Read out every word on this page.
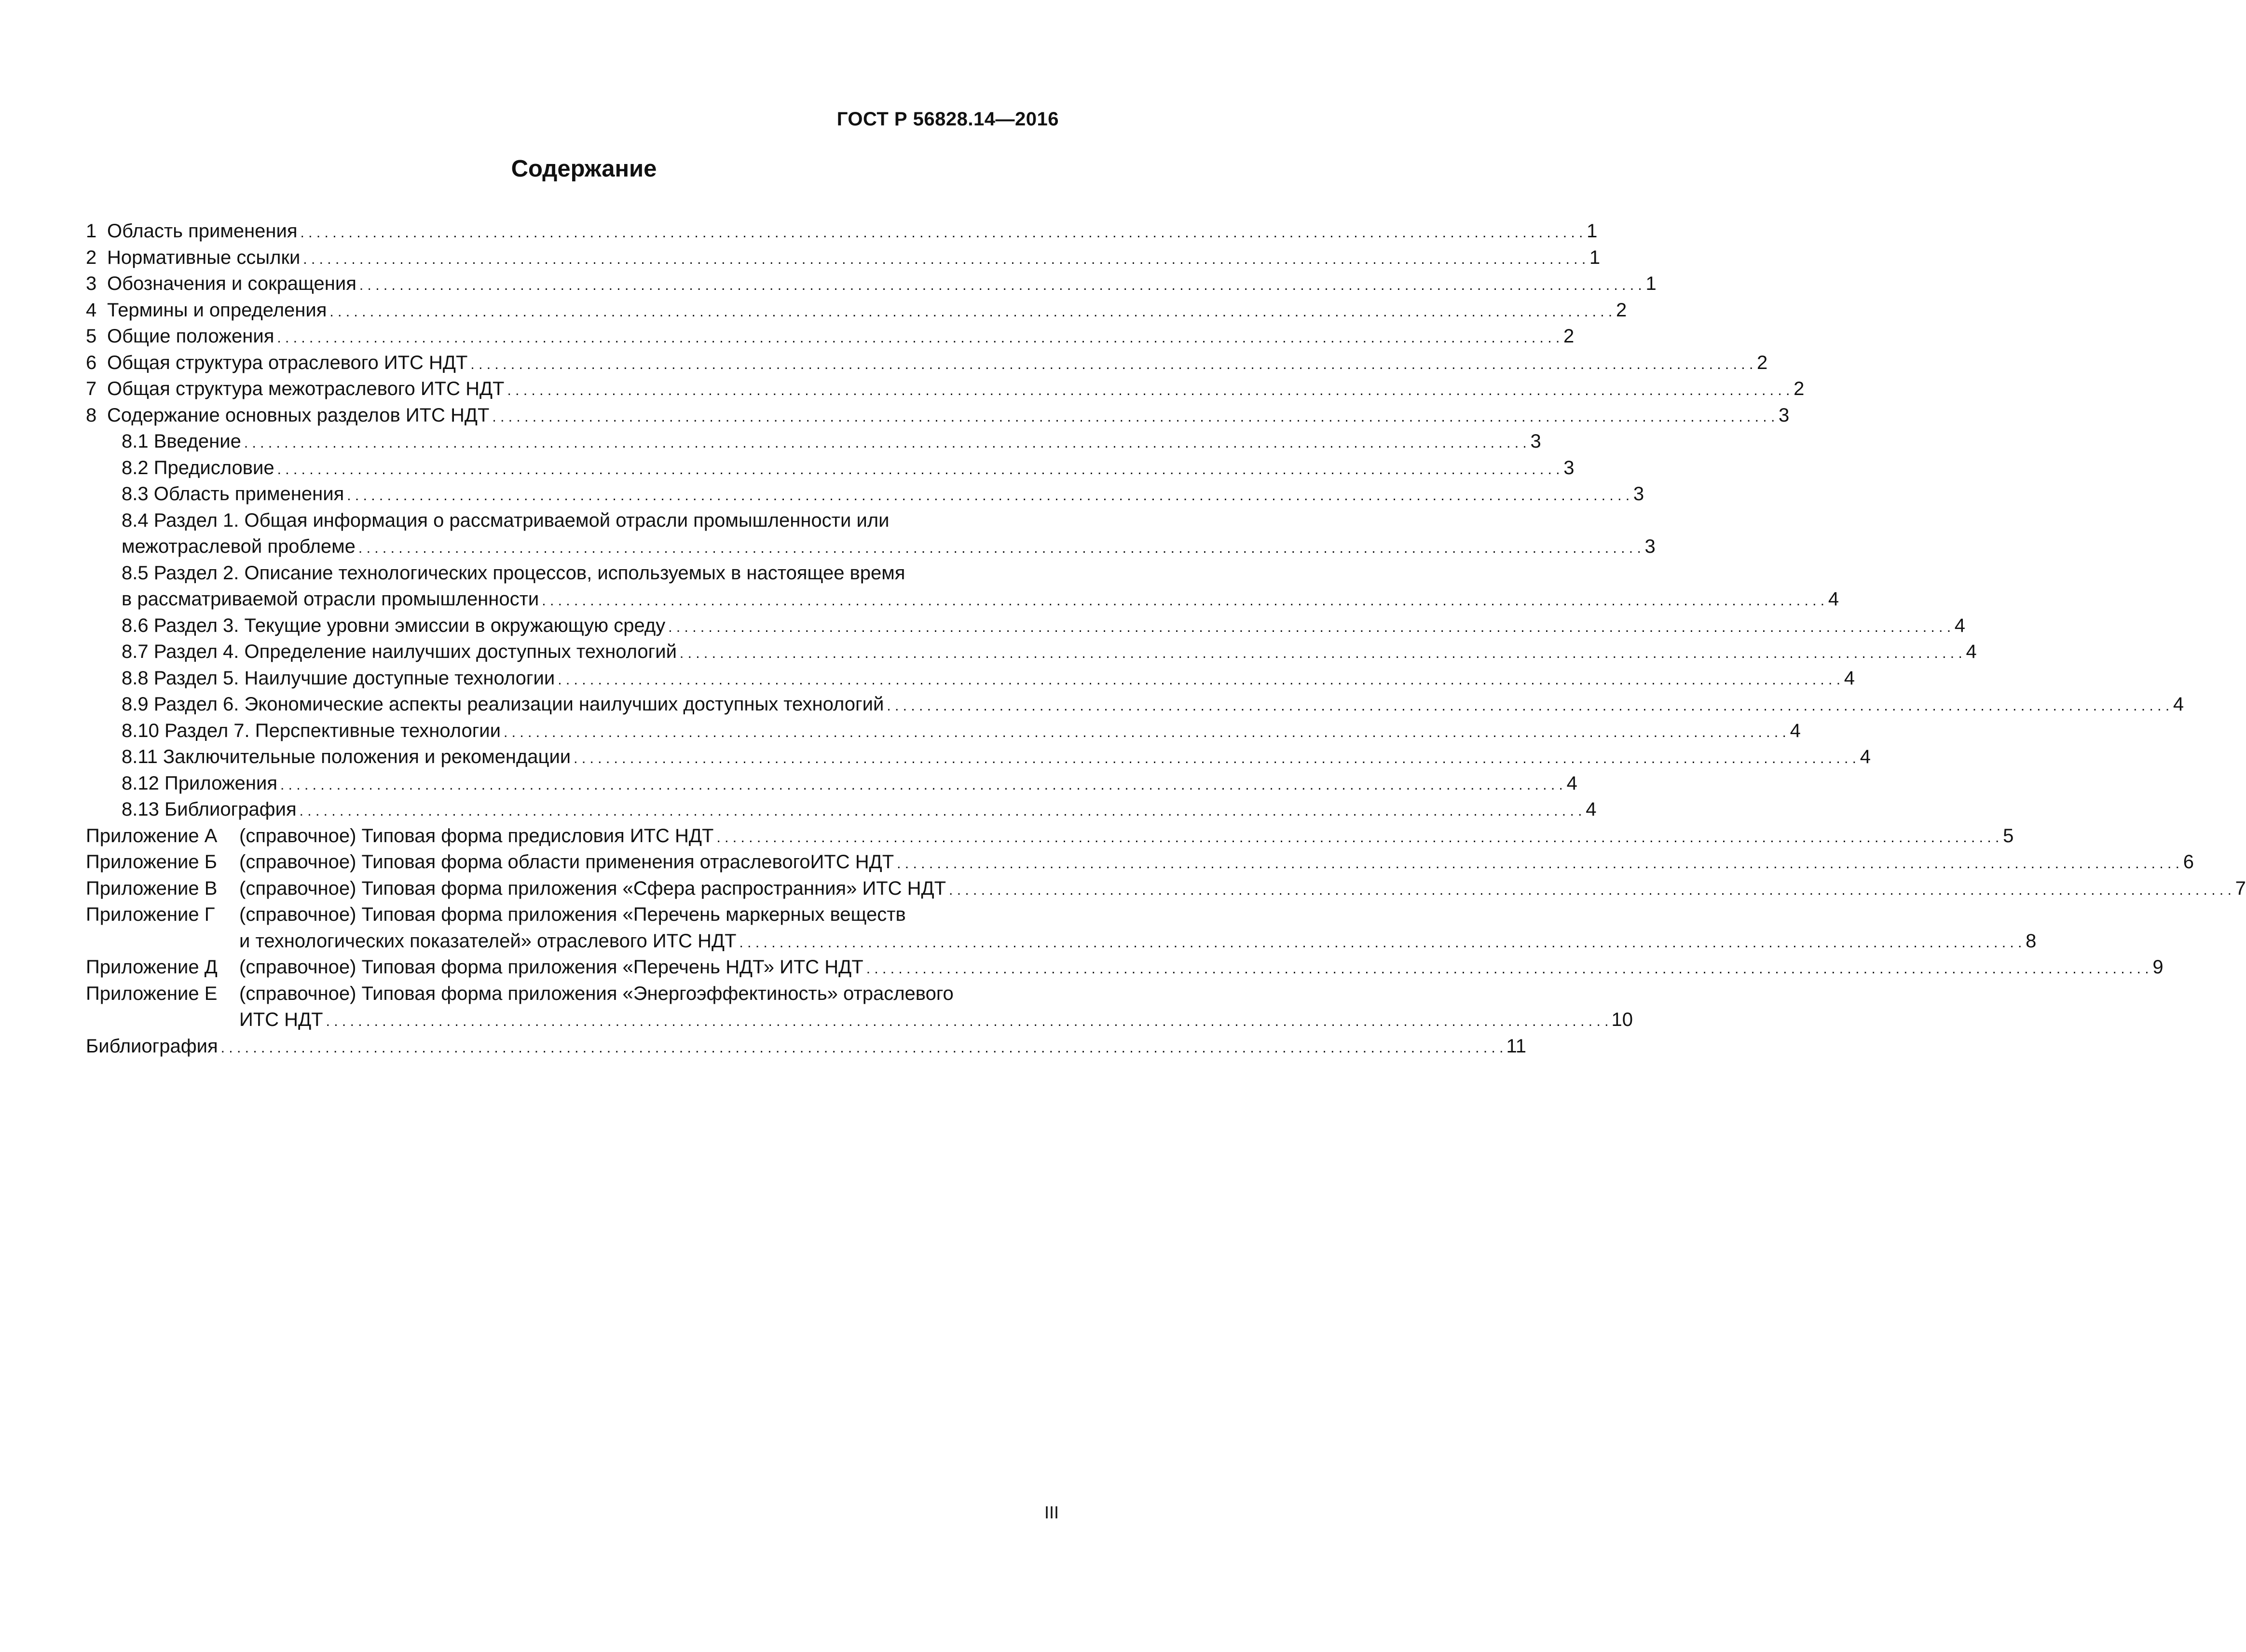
ГОСТ Р 56828.14—2016
Содержание
1 Область применения . . .	1
2 Нормативные ссылки . . .	1
3 Обозначения и сокращения . . .	1
4 Термины и определения . . .	2
5 Общие положения . . .	2
6 Общая структура отраслевого ИТС НДТ . . .	2
7 Общая структура межотраслевого ИТС НДТ . . .	2
8 Содержание основных разделов ИТС НДТ . . .	3
8.1 Введение . . .	3
8.2 Предисловие . . .	3
8.3 Область применения . . .	3
8.4 Раздел 1. Общая информация о рассматриваемой отрасли промышленности или
межотраслевой проблеме . . .	3
8.5 Раздел 2. Описание технологических процессов, используемых в настоящее время
в рассматриваемой отрасли промышленности . . .	4
8.6 Раздел 3. Текущие уровни эмиссии в окружающую среду . . .	4
8.7 Раздел 4. Определение наилучших доступных технологий . . .	4
8.8 Раздел 5. Наилучшие доступные технологии . . .	4
8.9 Раздел 6. Экономические аспекты реализации наилучших доступных технологий . . .	4
8.10 Раздел 7. Перспективные технологии . . .	4
8.11 Заключительные положения и рекомендации . . .	4
8.12 Приложения . . .	4
8.13 Библиография . . .	4
Приложение А	(справочное) Типовая форма предисловия ИТС НДТ . . .	5
Приложение Б	(справочное) Типовая форма области применения отраслевогоИТС НДТ . . .	6
Приложение В	(справочное) Типовая форма приложения «Сфера распространния» ИТС НДТ . . .	7
Приложение Г	(справочное) Типовая форма приложения «Перечень маркерных веществ
и технологических показателей» отраслевого ИТС НДТ . . .	8
Приложение Д	(справочное) Типовая форма приложения «Перечень НДТ» ИТС НДТ . . .	9
Приложение Е	(справочное) Типовая форма приложения «Энергоэффектиность» отраслевого
ИТС НДТ . . .	10
Библиография . . .	11
III
